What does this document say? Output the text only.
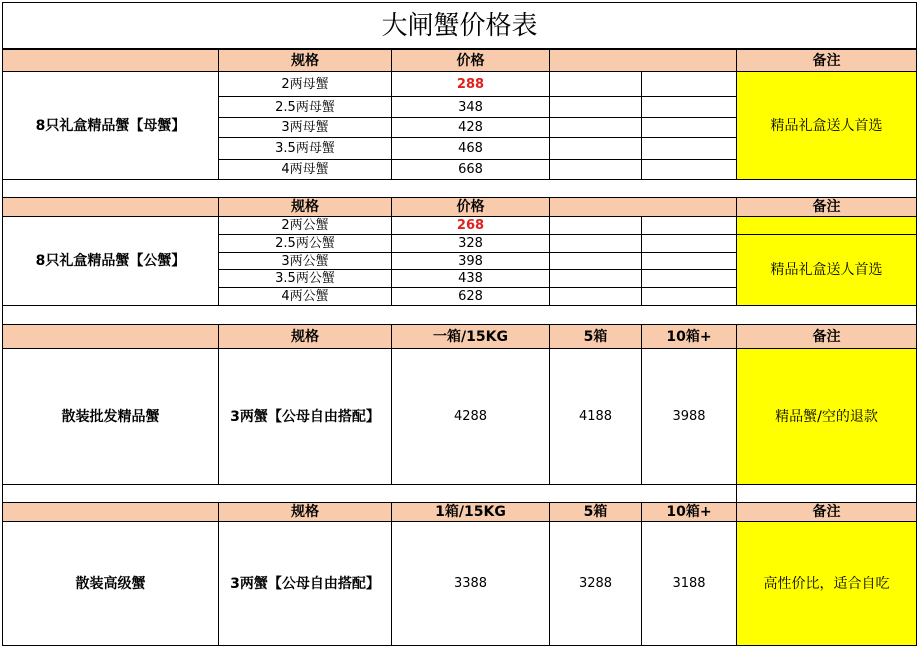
大闸蟹价格表
规格	价格	备注
8只礼盒精品蟹【母蟹】
2两母蟹	288
2.5两母蟹	348
3两母蟹	428
3.5两母蟹	468
4两母蟹	668
精品礼盒送人首选
规格	价格	备注
8只礼盒精品蟹【公蟹】
2两公蟹	268
2.5两公蟹	328
3两公蟹	398
3.5两公蟹	438
4两公蟹	628
精品礼盒送人首选
规格	一箱/15KG	5箱	10箱+	备注
散装批发精品蟹	3两蟹【公母自由搭配】	4288	4188	3988	精品蟹/空的退款
规格	1箱/15KG	5箱	10箱+	备注
散装高级蟹	3两蟹【公母自由搭配】	3388	3288	3188	高性价比，适合自吃
